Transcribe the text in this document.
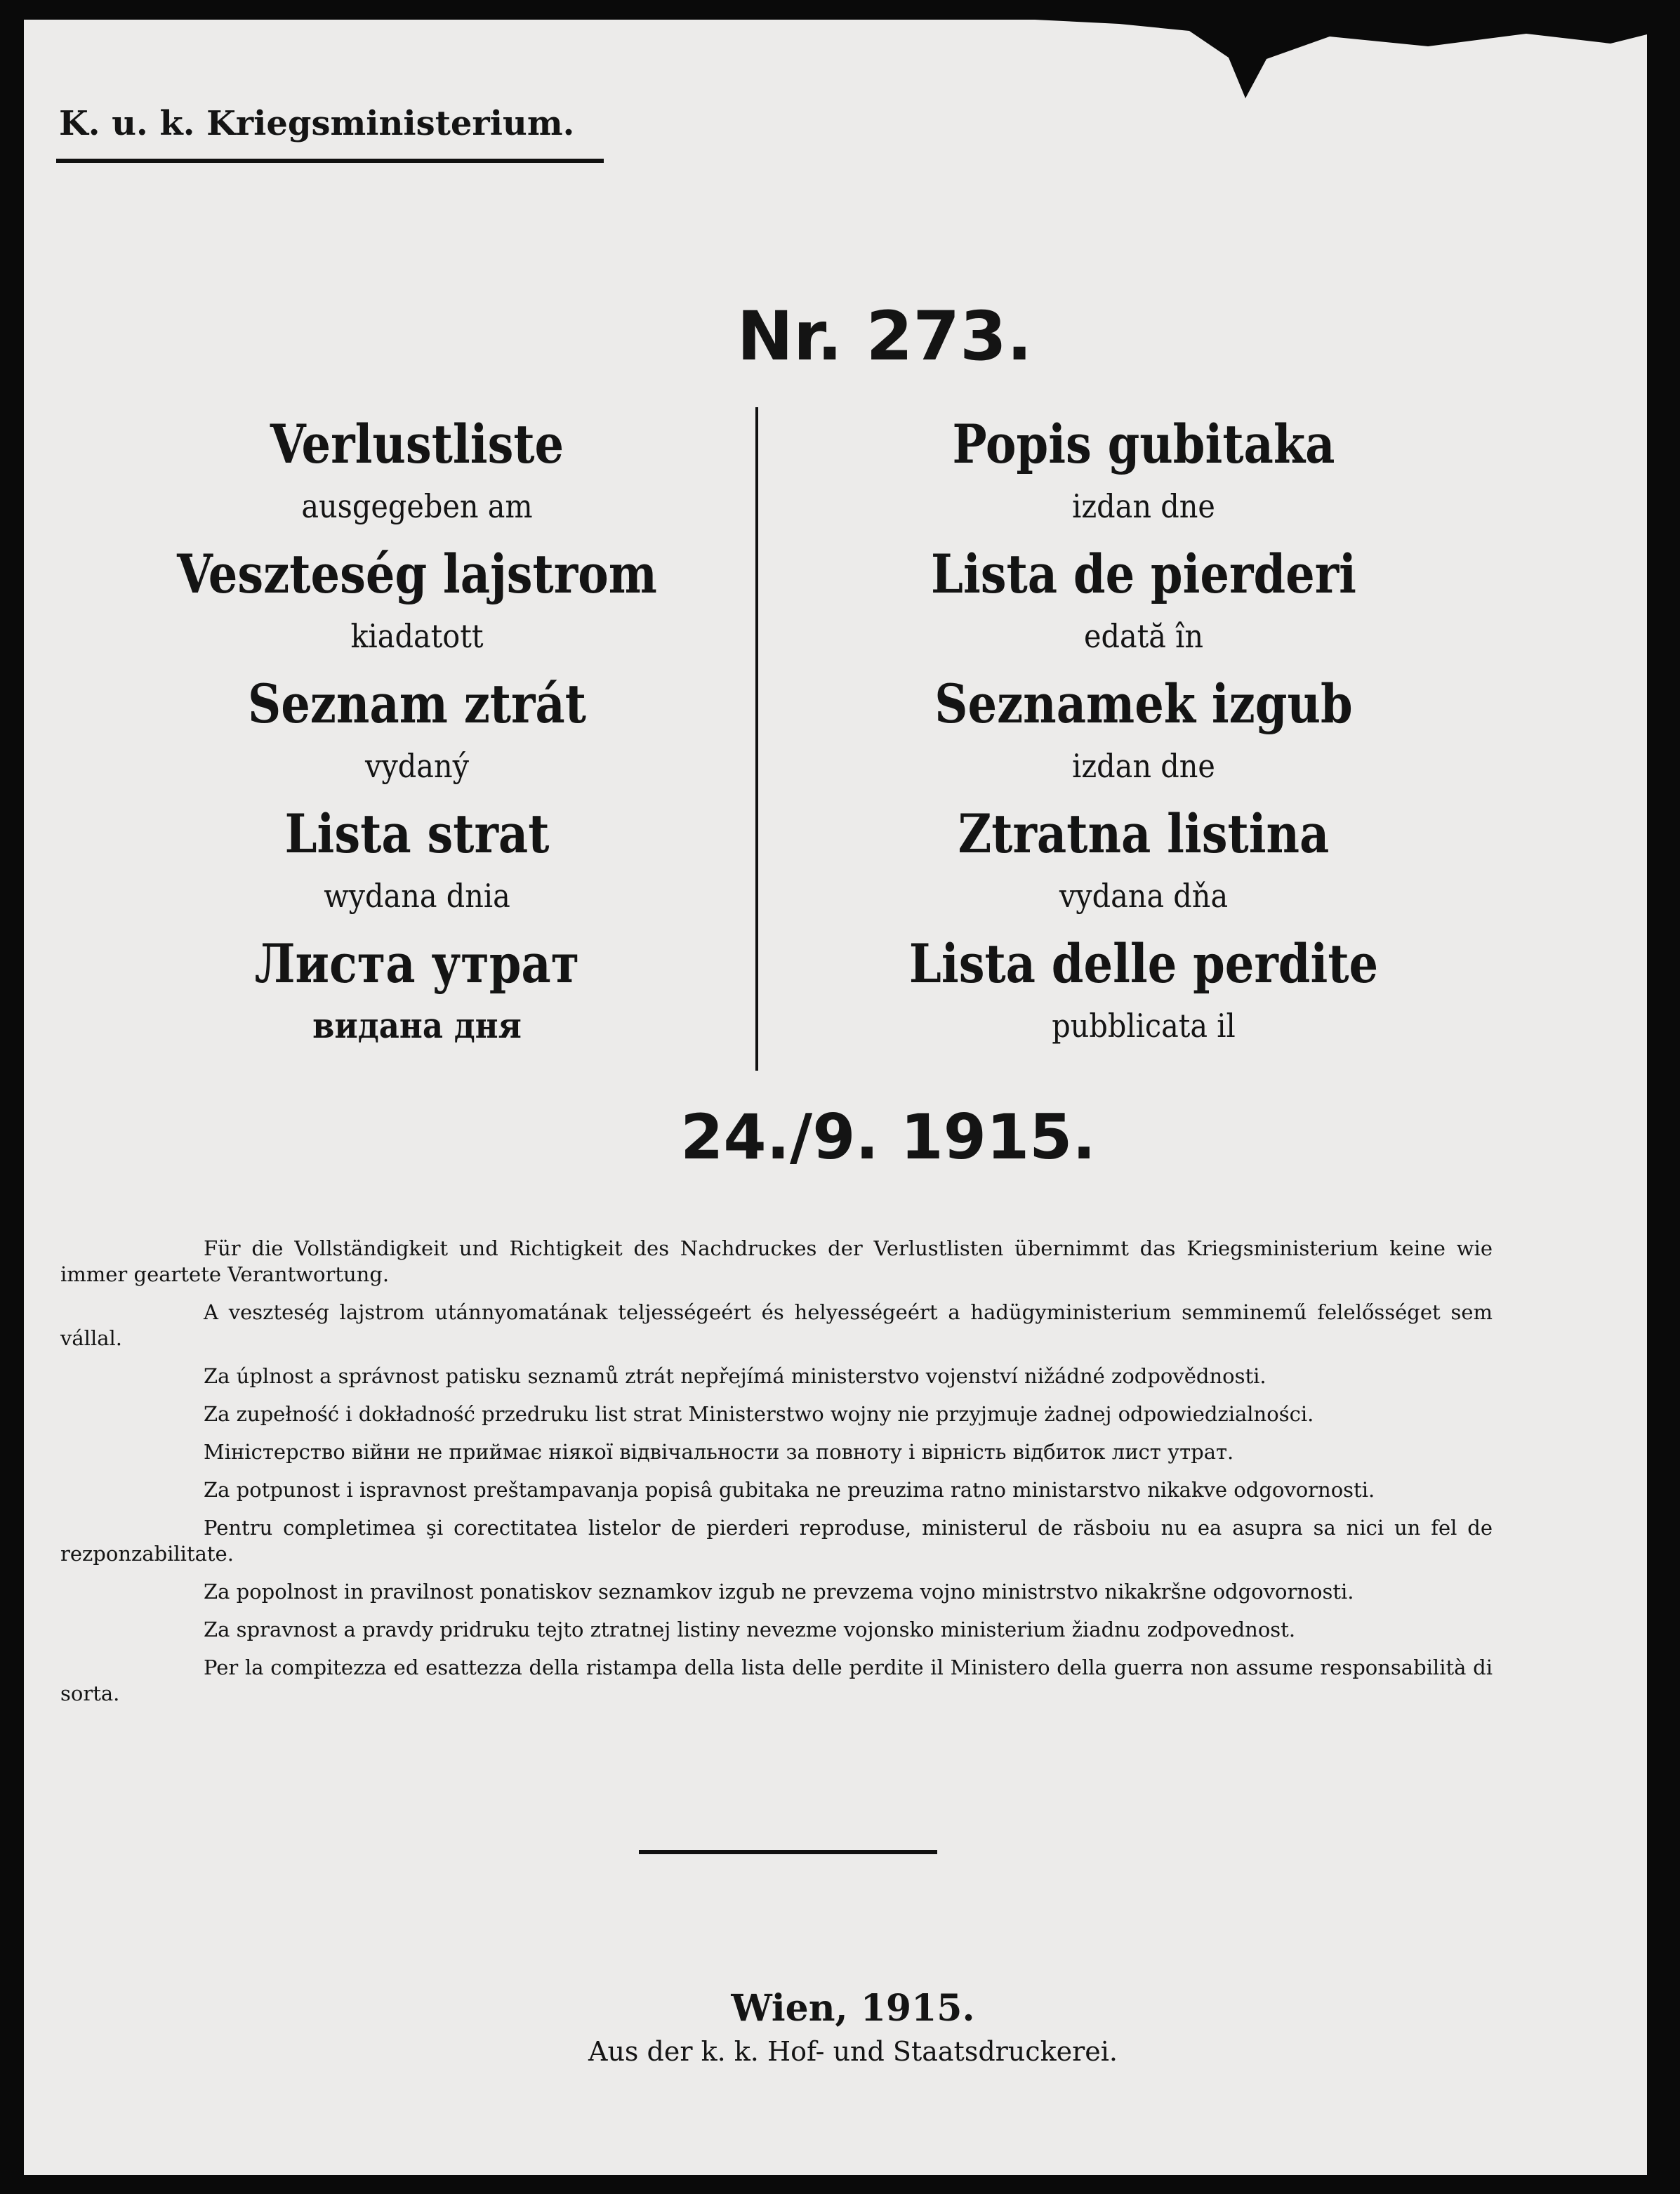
K. u. k. Kriegsministerium.
Nr. 273.
Verlustliste
ausgegeben am
Veszteség lajstrom
kiadatott
Seznam ztrát
vydaný
Lista strat
wydana dnia
Листа утрат
видана дня
Popis gubitaka
izdan dne
Lista de pierderi
edată în
Seznamek izgub
izdan dne
Ztratna listina
vydana dňa
Lista delle perdite
pubblicata il
24./9. 1915.

Für die Vollständigkeit und Richtigkeit des Nachdruckes der Verlustlisten übernimmt das Kriegsministerium keine wie immer geartete Verantwortung.

A veszteség lajstrom utánnyomatának teljességeért és helyességeért a hadügyministerium semminemű felelősséget sem vállal.

Za úplnost a správnost patisku seznamů ztrát nepřejímá ministerstvo vojenství nižádné zodpovědnosti.

Za zupełność i dokładność przedruku list strat Ministerstwo wojny nie przyjmuje żadnej odpowiedzialności.

Міністерство війни не приймає ніякої відвічальности за повноту і вірність відбиток лист утрат.

Za potpunost i ispravnost preštampavanja popisâ gubitaka ne preuzima ratno ministarstvo nikakve odgovornosti.

Pentru completimea şi corectitatea listelor de pierderi reproduse, ministerul de răsboiu nu ea asupra sa nici un fel de rezponzabilitate.

Za popolnost in pravilnost ponatiskov seznamkov izgub ne prevzema vojno ministrstvo nikakršne odgovornosti.

Za spravnost a pravdy pridruku tejto ztratnej listiny nevezme vojonsko ministerium žiadnu zodpovednost.

Per la compitezza ed esattezza della ristampa della lista delle perdite il Ministero della guerra non assume responsabilità di sorta.

Wien, 1915.
Aus der k. k. Hof- und Staatsdruckerei.
